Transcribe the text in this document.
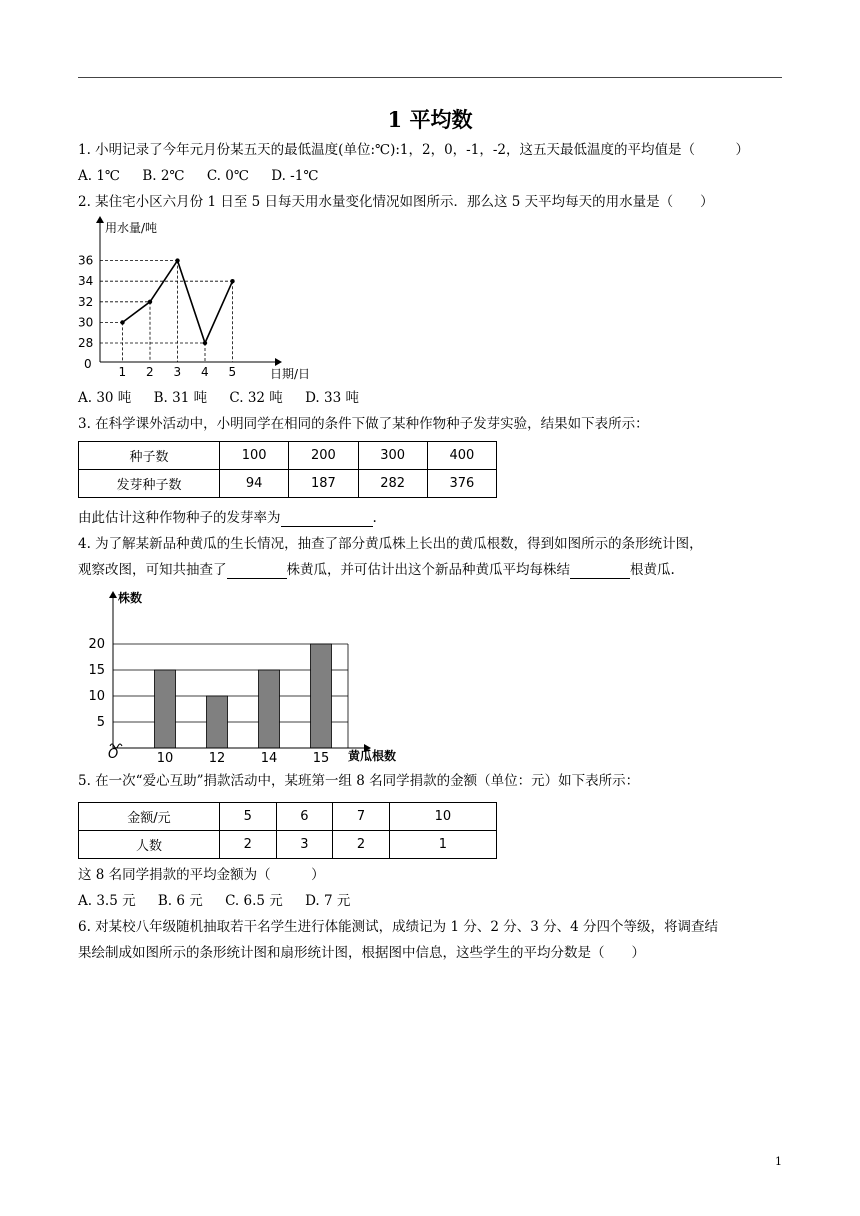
1 平均数
1. 小明记录了今年元月份某五天的最低温度(单位:℃):1，2，0，-1，-2，这五天最低温度的平均值是（　　　）
A. 1℃ B. 2℃ C. 0℃ D. -1℃
2. 某住宅小区六月份 1 日至 5 日每天用水量变化情况如图所示．那么这 5 天平均每天的用水量是（　　）
用水量/吨
日期/日
0
28
30
32
34
36
1 2 3 4 5
A. 30 吨 B. 31 吨 C. 32 吨 D. 33 吨
3. 在科学课外活动中，小明同学在相同的条件下做了某种作物种子发芽实验，结果如下表所示：
种子数	100	200	300	400
发芽种子数	94	187	282	376
由此估计这种作物种子的发芽率为	.
4. 为了解某新品种黄瓜的生长情况，抽查了部分黄瓜株上长出的黄瓜根数，得到如图所示的条形统计图，
观察改图，可知共抽查了	株黄瓜，并可估计出这个新品种黄瓜平均每株结	根黄瓜.
株数
黄瓜根数
O
5
10
15
20
10	12	14	15
5. 在一次“爱心互助”捐款活动中，某班第一组 8 名同学捐款的金额（单位：元）如下表所示：
金额/元	5	6	7	10
人数	2	3	2	1
这 8 名同学捐款的平均金额为（　　　）
A. 3.5 元 B. 6 元 C. 6.5 元 D. 7 元
6. 对某校八年级随机抽取若干名学生进行体能测试，成绩记为 1 分、2 分、3 分、4 分四个等级，将调查结
果绘制成如图所示的条形统计图和扇形统计图，根据图中信息，这些学生的平均分数是（　　）
1
